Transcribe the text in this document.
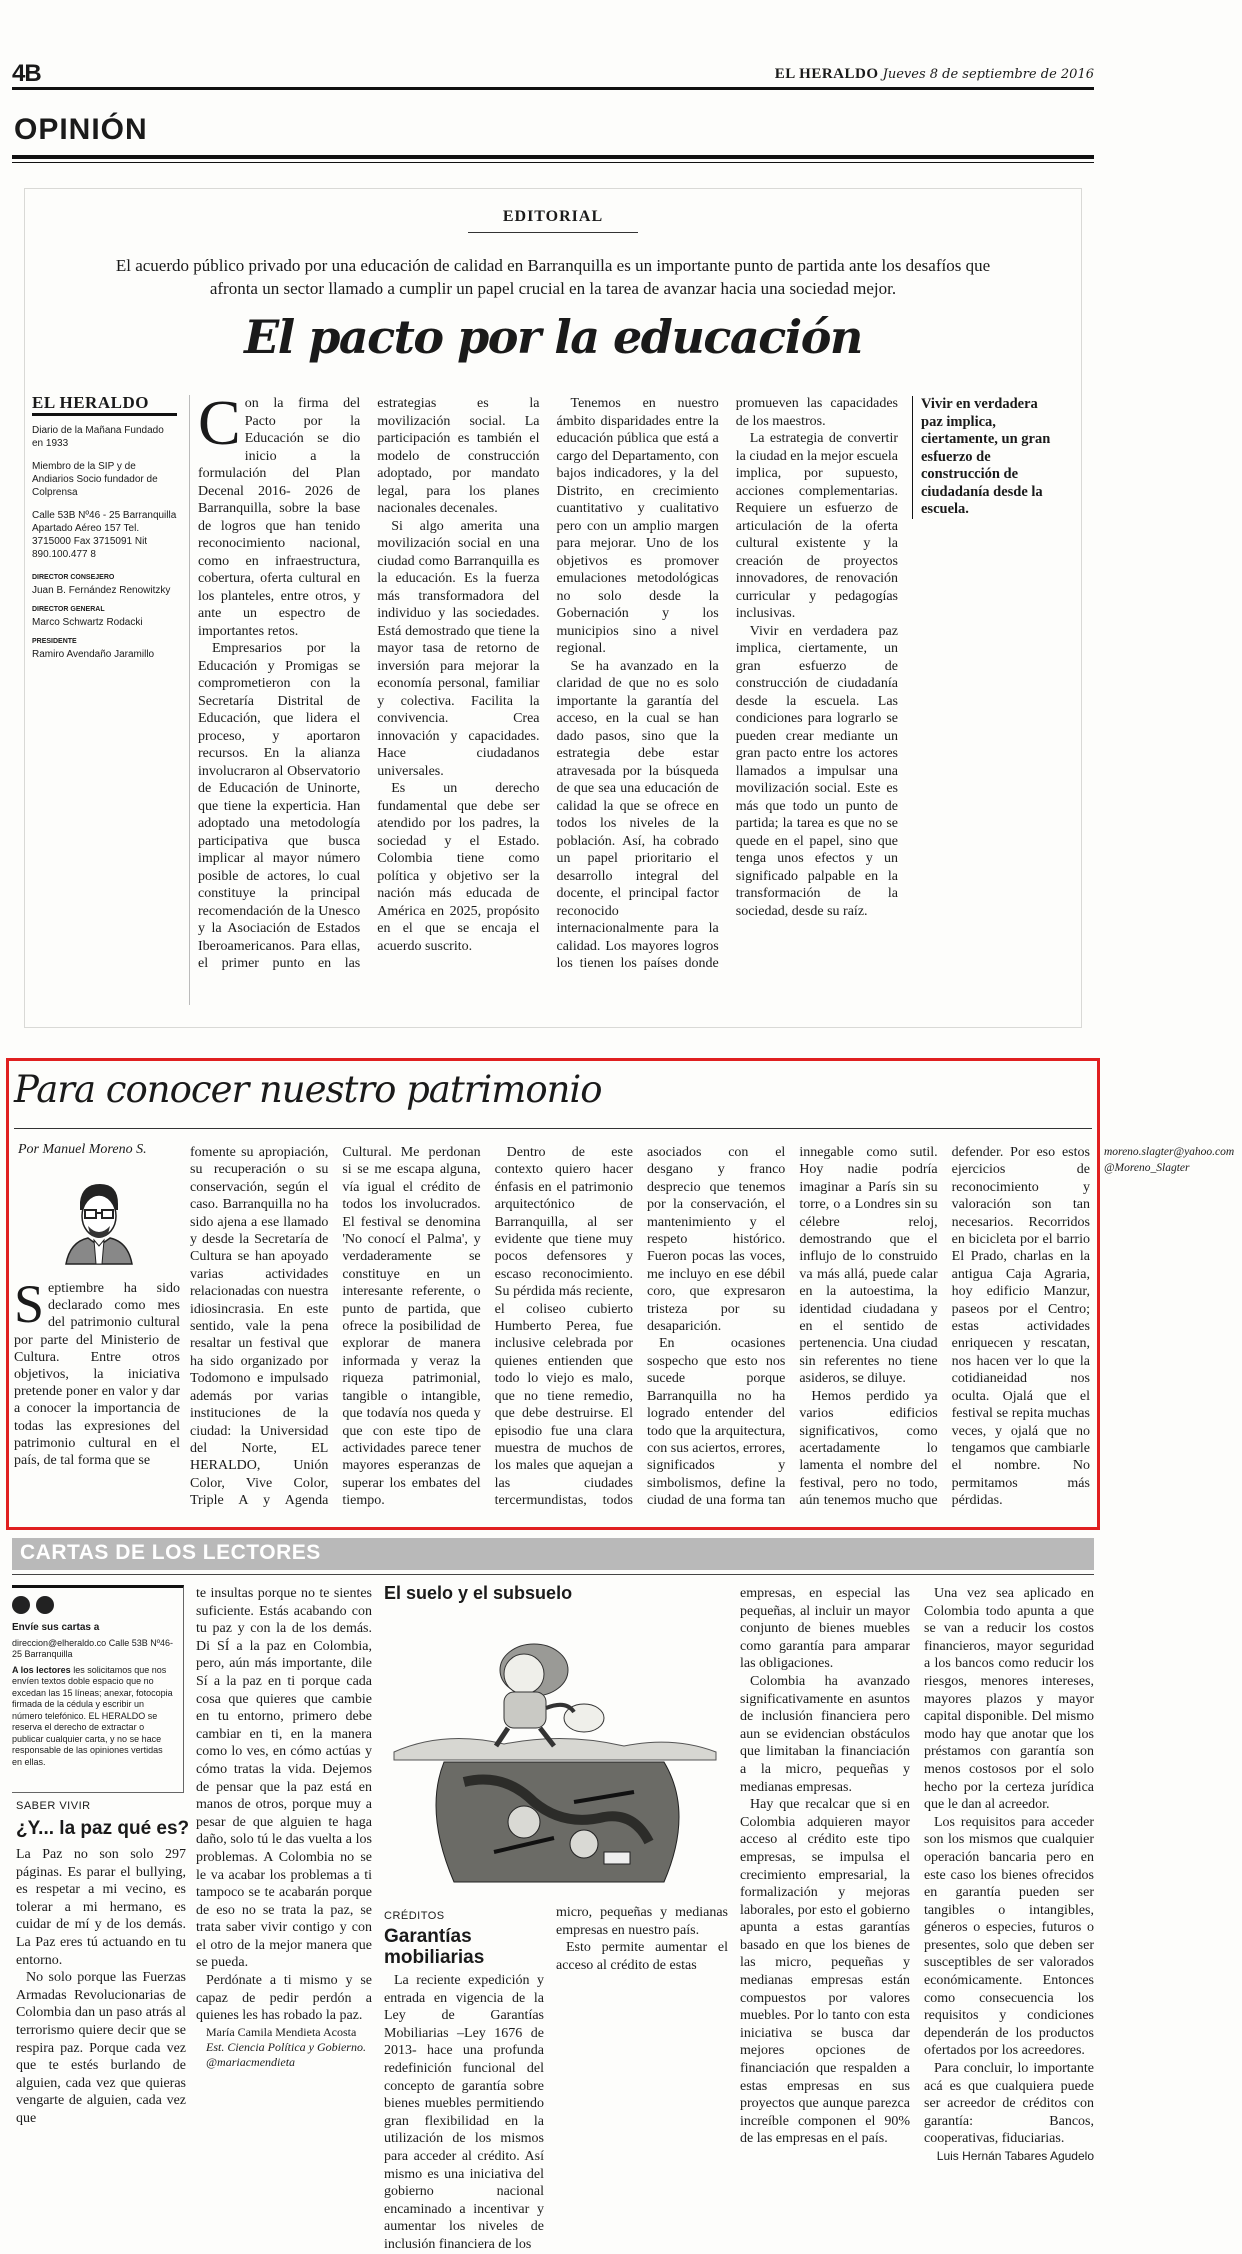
4B	EL HERALDO Jueves 8 de septiembre de 2016
OPINIÓN
EDITORIAL
El acuerdo público privado por una educación de calidad en Barranquilla es un importante punto de partida ante los desafíos que afronta un sector llamado a cumplir un papel crucial en la tarea de avanzar hacia una sociedad mejor.
El pacto por la educación
EL HERALDO

Diario de la Mañana Fundado en 1933

Miembro de la SIP y de Andiarios Socio fundador de Colprensa

Calle 53B Nº46 - 25 Barranquilla Apartado Aéreo 157 Tel. 3715000 Fax 3715091 Nit 890.100.477 8

DIRECTOR CONSEJERO
Juan B. Fernández Renowitzky
DIRECTOR GENERAL
Marco Schwartz Rodacki
PRESIDENTE
Ramiro Avendaño Jaramillo

Con la firma del Pacto por la Educación se dio inicio a la formulación del Plan Decenal 2016- 2026 de Barranquilla, sobre la base de logros que han tenido reconocimiento nacional, como en infraestructura, cobertura, oferta cultural en los planteles, entre otros, y ante un espectro de importantes retos.

Empresarios por la Educación y Promigas se comprometieron con la Secretaría Distrital de Educación, que lidera el proceso, y aportaron recursos. En la alianza involucraron al Observatorio de Educación de Uninorte, que tiene la experticia. Han adoptado una metodología participativa que busca implicar al mayor número posible de actores, lo cual constituye la principal recomendación de la Unesco y la Asociación de Estados Iberoamericanos. Para ellas, el primer punto en las estrategias es la movilización social. La participación es también el modelo de construcción adoptado, por mandato legal, para los planes nacionales decenales.

Si algo amerita una movilización social en una ciudad como Barranquilla es la educación. Es la fuerza más transformadora del individuo y las sociedades. Está demostrado que tiene la mayor tasa de retorno de inversión para mejorar la economía personal, familiar y colectiva. Facilita la convivencia. Crea innovación y capacidades. Hace ciudadanos universales.

Es un derecho fundamental que debe ser atendido por los padres, la sociedad y el Estado. Colombia tiene como política y objetivo ser la nación más educada de América en 2025, propósito en el que se encaja el acuerdo suscrito.

Tenemos en nuestro ámbito disparidades entre la educación pública que está a cargo del Departamento, con bajos indicadores, y la del Distrito, en crecimiento cuantitativo y cualitativo pero con un amplio margen para mejorar. Uno de los objetivos es promover emulaciones metodológicas no solo desde la Gobernación y los municipios sino a nivel regional.

Se ha avanzado en la claridad de que no es solo importante la garantía del acceso, en la cual se han dado pasos, sino que la estrategia debe estar atravesada por la búsqueda de que sea una educación de calidad la que se ofrece en todos los niveles de la población. Así, ha cobrado un papel prioritario el desarrollo integral del docente, el principal factor reconocido internacionalmente para la calidad. Los mayores logros los tienen los países donde promueven las capacidades de los maestros.

La estrategia de convertir la ciudad en la mejor escuela implica, por supuesto, acciones complementarias. Requiere un esfuerzo de articulación de la oferta cultural existente y la creación de proyectos innovadores, de renovación curricular y pedagogías inclusivas.

Vivir en verdadera paz implica, ciertamente, un gran esfuerzo de construcción de ciudadanía desde la escuela. Las condiciones para lograrlo se pueden crear mediante un gran pacto entre los actores llamados a impulsar una movilización social. Este es más que todo un punto de partida; la tarea es que no se quede en el papel, sino que tenga unos efectos y un significado palpable en la transformación de la sociedad, desde su raíz.

Vivir en verdadera paz implica, ciertamente, un gran esfuerzo de construcción de ciudadanía desde la escuela.
Para conocer nuestro patrimonio
Por Manuel Moreno S.
Septiembre ha sido declarado como mes del patrimonio cultural por parte del Ministerio de Cultura. Entre otros objetivos, la iniciativa pretende poner en valor y dar a conocer la importancia de todas las expresiones del patrimonio cultural en el país, de tal forma que se

fomente su apropiación, su recuperación o su conservación, según el caso. Barranquilla no ha sido ajena a ese llamado y desde la Secretaría de Cultura se han apoyado varias actividades relacionadas con nuestra idiosincrasia. En este sentido, vale la pena resaltar un festival que ha sido organizado por Todomono e impulsado además por varias instituciones de la ciudad: la Universidad del Norte, EL HERALDO, Unión Color, Vive Color, Triple A y Agenda Cultural. Me perdonan si se me escapa alguna, vía igual el crédito de todos los involucrados. El festival se denomina 'No conocí el Palma', y verdaderamente se constituye en un interesante referente, o punto de partida, que ofrece la posibilidad de explorar de manera informada y veraz la riqueza patrimonial, tangible o intangible, que todavía nos queda y que con este tipo de actividades parece tener mayores esperanzas de superar los embates del tiempo.

Dentro de este contexto quiero hacer énfasis en el patrimonio arquitectónico de Barranquilla, al ser evidente que tiene muy pocos defensores y escaso reconocimiento. Su pérdida más reciente, el coliseo cubierto Humberto Perea, fue inclusive celebrada por quienes entienden que todo lo viejo es malo, que no tiene remedio, que debe destruirse. El episodio fue una clara muestra de muchos de los males que aquejan a las ciudades tercermundistas, todos asociados con el desgano y franco desprecio que tenemos por la conservación, el mantenimiento y el respeto histórico. Fueron pocas las voces, me incluyo en ese débil coro, que expresaron tristeza por su desaparición.

En ocasiones sospecho que esto nos sucede porque Barranquilla no ha logrado entender del todo que la arquitectura, con sus aciertos, errores, significados y simbolismos, define la ciudad de una forma tan innegable como sutil. Hoy nadie podría imaginar a París sin su torre, o a Londres sin su célebre reloj, demostrando que el influjo de lo construido va más allá, puede calar en la autoestima, la identidad ciudadana y en el sentido de pertenencia. Una ciudad sin referentes no tiene asideros, se diluye.

Hemos perdido ya varios edificios significativos, como acertadamente lo lamenta el nombre del festival, pero no todo, aún tenemos mucho que defender. Por eso estos ejercicios de reconocimiento y valoración son tan necesarios. Recorridos en bicicleta por el barrio El Prado, charlas en la antigua Caja Agraria, hoy edificio Manzur, paseos por el Centro; estas actividades enriquecen y rescatan, nos hacen ver lo que la cotidianeidad nos oculta. Ojalá que el festival se repita muchas veces, y ojalá que no tengamos que cambiarle el nombre. No permitamos más pérdidas.

moreno.slagter@yahoo.com

@Moreno_Slagter

CARTAS DE LOS LECTORES

Envíe sus cartas a

direccion@elheraldo.co Calle 53B Nº46-25 Barranquilla

A los lectores les solicitamos que nos envíen textos doble espacio que no excedan las 15 líneas; anexar, fotocopia firmada de la cédula y escribir un número telefónico. EL HERALDO se reserva el derecho de extractar o publicar cualquier carta, y no se hace responsable de las opiniones vertidas en ellas.

SABER VIVIR
¿Y... la paz qué es?

La Paz no son solo 297 páginas. Es parar el bullying, es respetar a mi vecino, es tolerar a mi hermano, es cuidar de mí y de los demás. La Paz eres tú actuando en tu entorno.

No solo porque las Fuerzas Armadas Revolucionarias de Colombia dan un paso atrás al terrorismo quiere decir que se respira paz. Porque cada vez que te estés burlando de alguien, cada vez que quieras vengarte de alguien, cada vez que

te insultas porque no te sientes suficiente. Estás acabando con tu paz y con la de los demás. Di SÍ a la paz en Colombia, pero, aún más importante, dile Sí a la paz en ti porque cada cosa que quieres que cambie en tu entorno, primero debe cambiar en ti, en la manera como lo ves, en cómo actúas y cómo tratas la vida. Dejemos de pensar que la paz está en manos de otros, porque muy a pesar de que alguien te haga daño, solo tú le das vuelta a los problemas. A Colombia no se le va acabar los problemas a ti tampoco se te acabarán porque de eso no se trata la paz, se trata saber vivir contigo y con el otro de la mejor manera que se pueda.

Perdónate a ti mismo y se capaz de pedir perdón a quienes les has robado la paz.

María Camila Mendieta Acosta

Est. Ciencia Política y Gobierno.

@mariacmendieta

El suelo y el subsuelo
CRÉDITOS
Garantías mobiliarias

La reciente expedición y entrada en vigencia de la Ley de Garantías Mobiliarias –Ley 1676 de 2013- hace una profunda redefinición funcional del concepto de garantía sobre bienes muebles permitiendo gran flexibilidad en la utilización de los mismos para acceder al crédito. Así mismo es una iniciativa del gobierno nacional encaminado a incentivar y aumentar los niveles de inclusión financiera de los

micro, pequeñas y medianas empresas en nuestro país.

Esto permite aumentar el acceso al crédito de estas

empresas, en especial las pequeñas, al incluir un mayor conjunto de bienes muebles como garantía para amparar las obligaciones.

Colombia ha avanzado significativamente en asuntos de inclusión financiera pero aun se evidencian obstáculos que limitaban la financiación a la micro, pequeñas y medianas empresas.

Hay que recalcar que si en Colombia adquieren mayor acceso al crédito este tipo empresas, se impulsa el crecimiento empresarial, la formalización y mejoras laborales, por esto el gobierno apunta a estas garantías basado en que los bienes de las micro, pequeñas y medianas empresas están compuestos por valores muebles. Por lo tanto con esta iniciativa se busca dar mejores opciones de financiación que respalden a estas empresas en sus proyectos que aunque parezca increíble componen el 90% de las empresas en el país.

Una vez sea aplicado en Colombia todo apunta a que se van a reducir los costos financieros, mayor seguridad a los bancos como reducir los riesgos, menores intereses, mayores plazos y mayor capital disponible. Del mismo modo hay que anotar que los préstamos con garantía son menos costosos por el solo hecho por la certeza jurídica que le dan al acreedor.

Los requisitos para acceder son los mismos que cualquier operación bancaria pero en este caso los bienes ofrecidos en garantía pueden ser tangibles o intangibles, géneros o especies, futuros o presentes, solo que deben ser susceptibles de ser valorados económicamente. Entonces como consecuencia los requisitos y condiciones dependerán de los productos ofertados por los acreedores.

Para concluir, lo importante acá es que cualquiera puede ser acreedor de créditos con garantía: Bancos, cooperativas, fiduciarias.

Luis Hernán Tabares Agudelo
